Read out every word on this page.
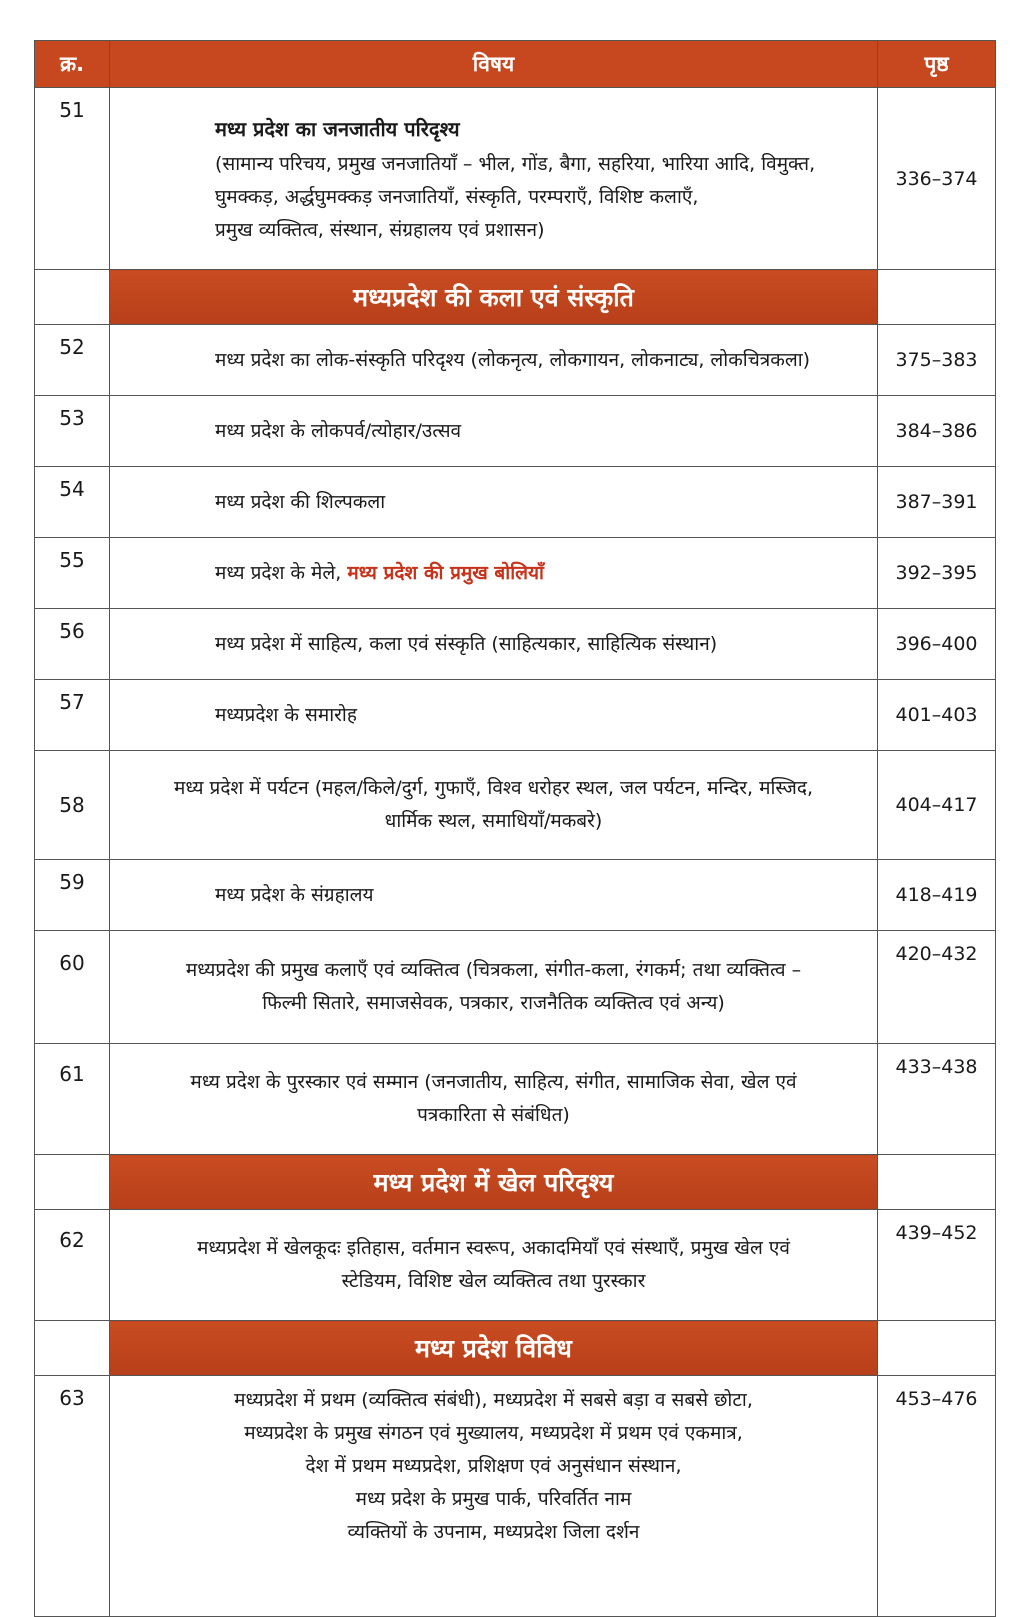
क्र.	विषय	पृष्ठ
51	मध्य प्रदेश का जनजातीय परिदृश्य
(सामान्य परिचय, प्रमुख जनजातियाँ – भील, गोंड, बैगा, सहरिया, भारिया आदि, विमुक्त,
घुमक्कड़, अर्द्धघुमक्कड़ जनजातियाँ, संस्कृति, परम्पराएँ, विशिष्ट कलाएँ,
प्रमुख व्यक्तित्व, संस्थान, संग्रहालय एवं प्रशासन)	336–374
	मध्यप्रदेश की कला एवं संस्कृति	
52	मध्य प्रदेश का लोक-संस्कृति परिदृश्य (लोकनृत्य, लोकगायन, लोकनाट्य, लोकचित्रकला)	375–383
53	मध्य प्रदेश के लोकपर्व/त्योहार/उत्सव	384–386
54	मध्य प्रदेश की शिल्पकला	387–391
55	मध्य प्रदेश के मेले, मध्य प्रदेश की प्रमुख बोलियाँ	392–395
56	मध्य प्रदेश में साहित्य, कला एवं संस्कृति (साहित्यकार, साहित्यिक संस्थान)	396–400
57	मध्यप्रदेश के समारोह	401–403
58	मध्य प्रदेश में पर्यटन (महल/किले/दुर्ग, गुफाएँ, विश्व धरोहर स्थल, जल पर्यटन, मन्दिर, मस्जिद,
धार्मिक स्थल, समाधियाँ/मकबरे)	404–417
59	मध्य प्रदेश के संग्रहालय	418–419
60	मध्यप्रदेश की प्रमुख कलाएँ एवं व्यक्तित्व (चित्रकला, संगीत-कला, रंगकर्म; तथा व्यक्तित्व –
फिल्मी सितारे, समाजसेवक, पत्रकार, राजनैतिक व्यक्तित्व एवं अन्य)	420–432
61	मध्य प्रदेश के पुरस्कार एवं सम्मान (जनजातीय, साहित्य, संगीत, सामाजिक सेवा, खेल एवं
पत्रकारिता से संबंधित)	433–438
	मध्य प्रदेश में खेल परिदृश्य	
62	मध्यप्रदेश में खेलकूदः इतिहास, वर्तमान स्वरूप, अकादमियाँ एवं संस्थाएँ, प्रमुख खेल एवं
स्टेडियम, विशिष्ट खेल व्यक्तित्व तथा पुरस्कार	439–452
	मध्य प्रदेश विविध	
63	मध्यप्रदेश में प्रथम (व्यक्तित्व संबंधी), मध्यप्रदेश में सबसे बड़ा व सबसे छोटा,
मध्यप्रदेश के प्रमुख संगठन एवं मुख्यालय, मध्यप्रदेश में प्रथम एवं एकमात्र,
देश में प्रथम मध्यप्रदेश, प्रशिक्षण एवं अनुसंधान संस्थान,
मध्य प्रदेश के प्रमुख पार्क, परिवर्तित नाम
व्यक्तियों के उपनाम, मध्यप्रदेश जिला दर्शन	453–476
